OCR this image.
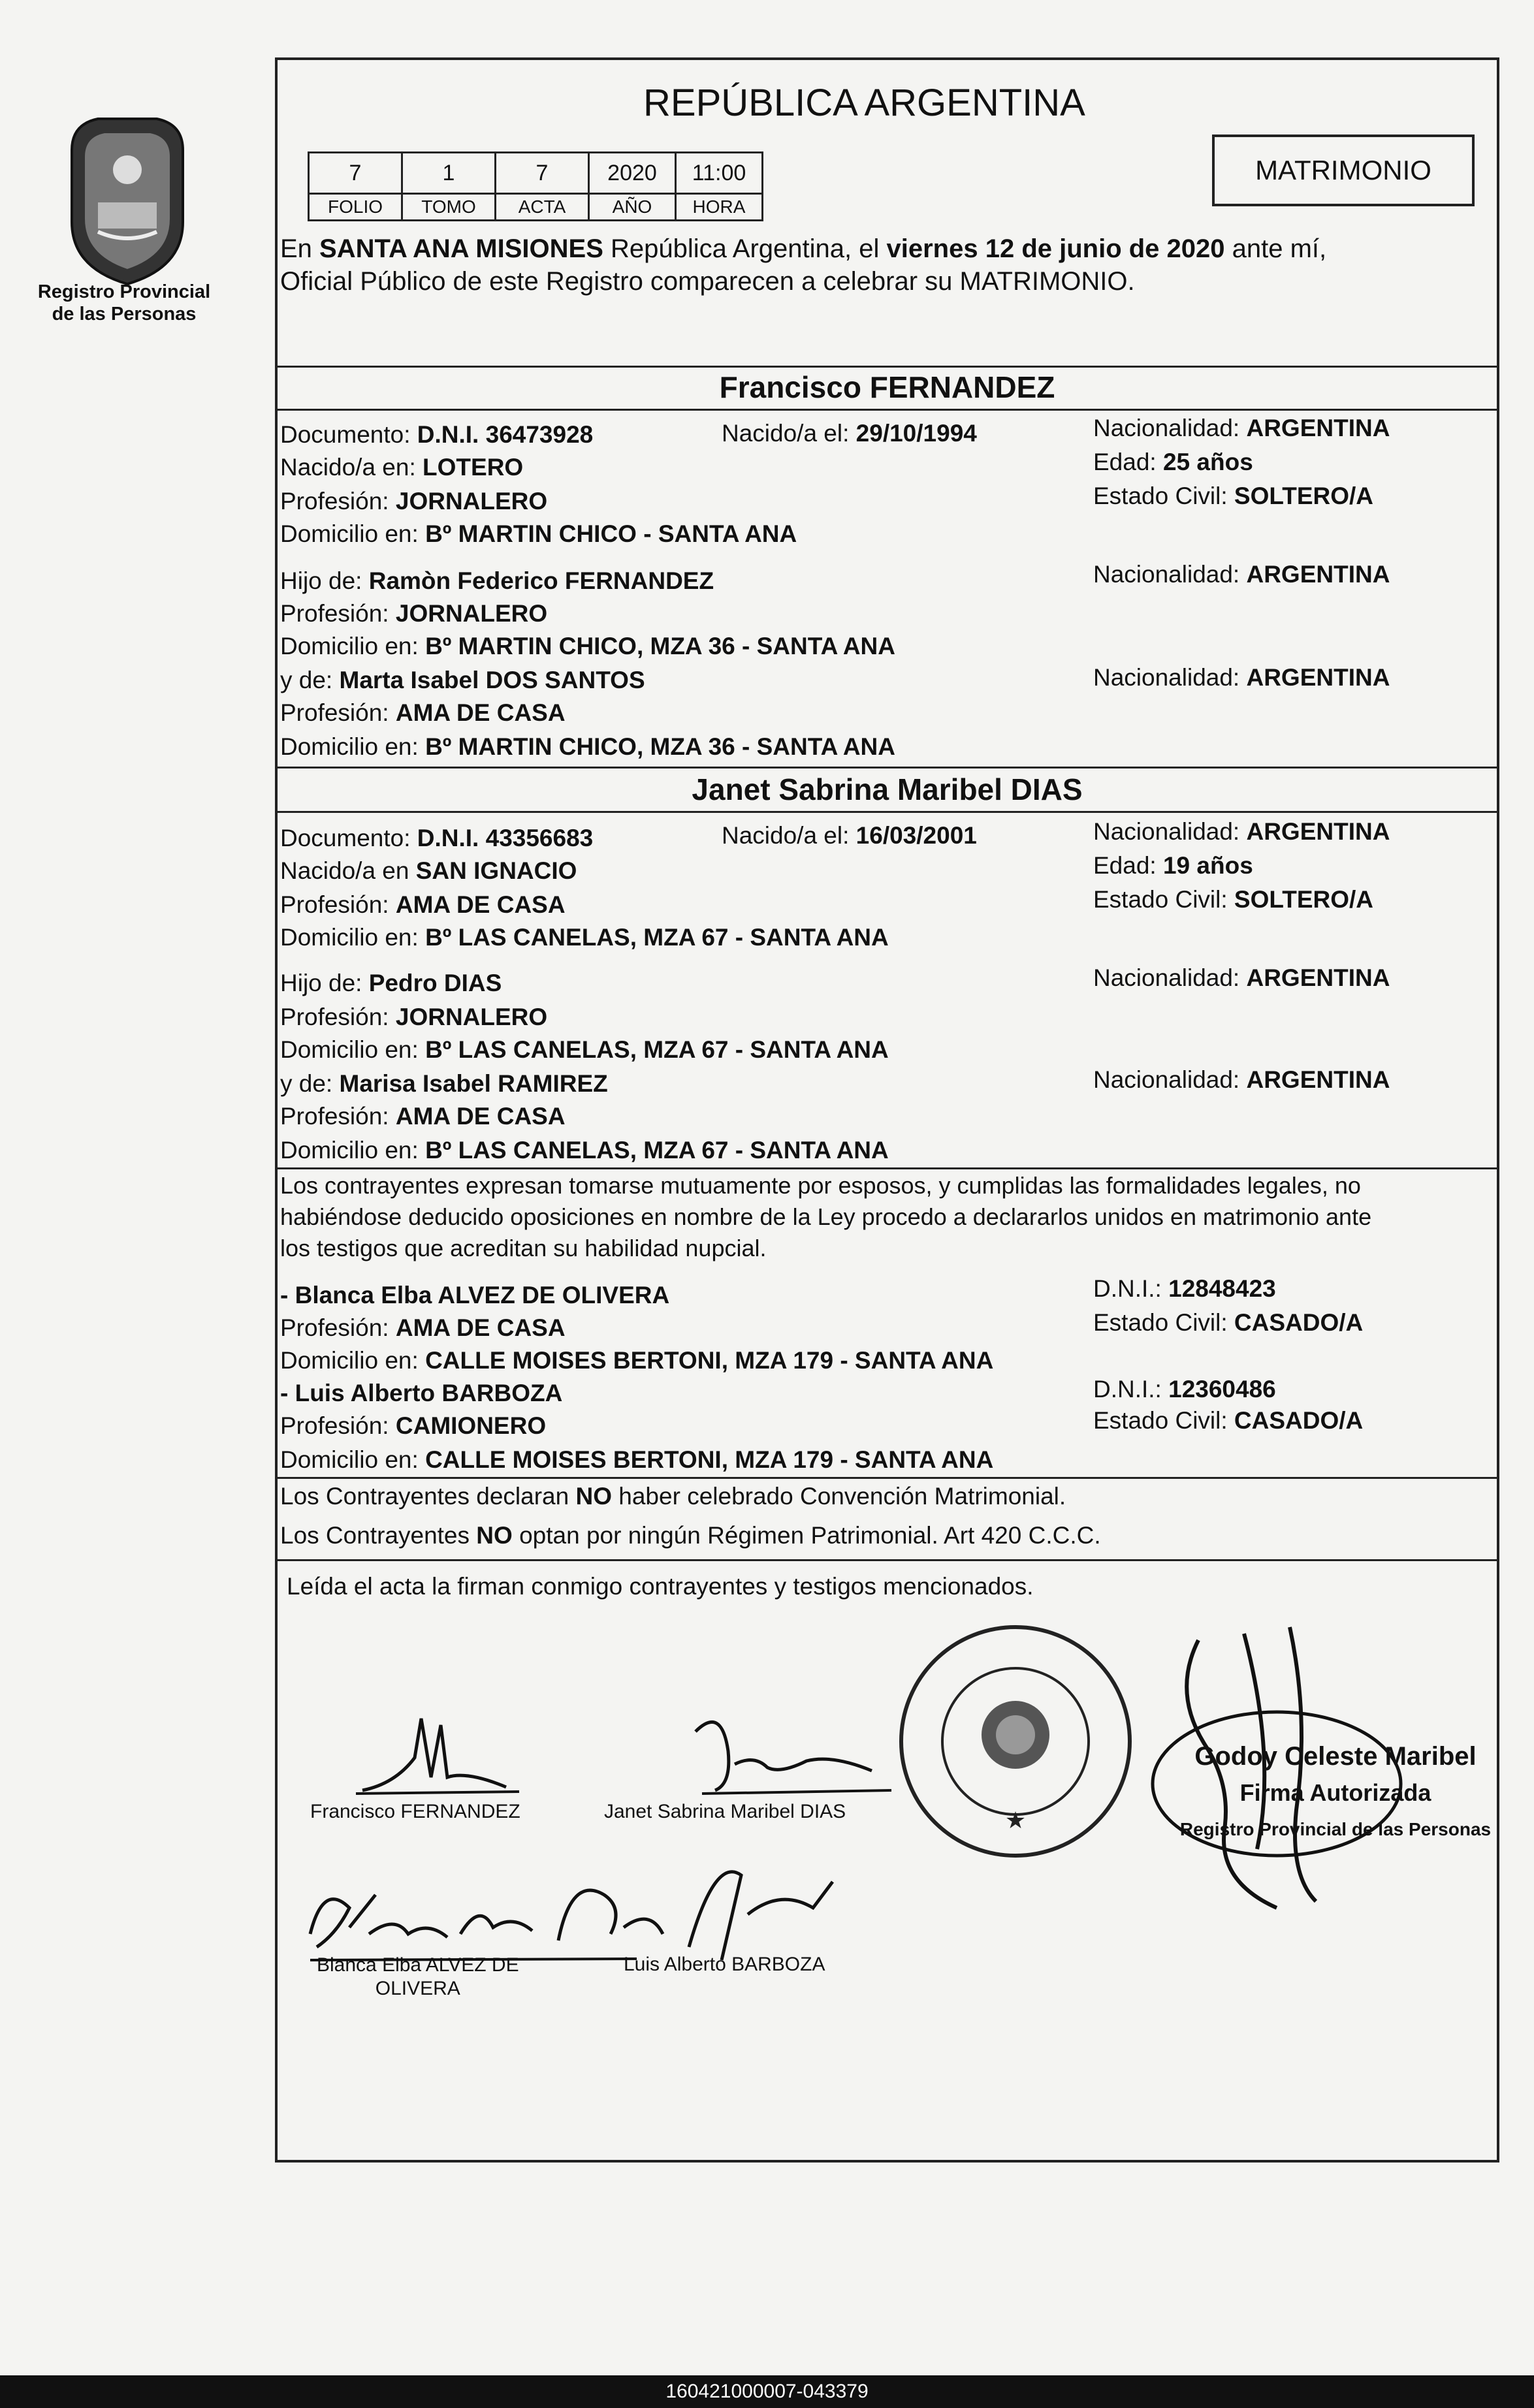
Registro Provincial
de las Personas
REPÚBLICA ARGENTINA
7	1	7	2020	11:00
FOLIO	TOMO	ACTA	AÑO	HORA
MATRIMONIO
En SANTA ANA MISIONES República Argentina, el viernes 12 de junio de 2020 ante mí,
Oficial Público de este Registro comparecen a celebrar su MATRIMONIO.
Francisco FERNANDEZ
Documento: D.N.I. 36473928	Nacido/a el: 29/10/1994	Nacionalidad: ARGENTINA
Nacido/a en: LOTERO	Edad: 25 años
Profesión: JORNALERO	Estado Civil: SOLTERO/A
Domicilio en: Bº MARTIN CHICO - SANTA ANA
Hijo de: Ramòn Federico FERNANDEZ	Nacionalidad: ARGENTINA
Profesión: JORNALERO
Domicilio en: Bº MARTIN CHICO, MZA 36 - SANTA ANA
y de: Marta Isabel DOS SANTOS	Nacionalidad: ARGENTINA
Profesión: AMA DE CASA
Domicilio en: Bº MARTIN CHICO, MZA 36 - SANTA ANA
Janet Sabrina Maribel DIAS
Documento: D.N.I. 43356683	Nacido/a el: 16/03/2001	Nacionalidad: ARGENTINA
Nacido/a en SAN IGNACIO	Edad: 19 años
Profesión: AMA DE CASA	Estado Civil: SOLTERO/A
Domicilio en: Bº LAS CANELAS, MZA 67 - SANTA ANA
Hijo de: Pedro DIAS	Nacionalidad: ARGENTINA
Profesión: JORNALERO
Domicilio en: Bº LAS CANELAS, MZA 67 - SANTA ANA
y de: Marisa Isabel RAMIREZ	Nacionalidad: ARGENTINA
Profesión: AMA DE CASA
Domicilio en: Bº LAS CANELAS, MZA 67 - SANTA ANA
Los contrayentes expresan tomarse mutuamente por esposos, y cumplidas las formalidades legales, no
habiéndose deducido oposiciones en nombre de la Ley procedo a declararlos unidos en matrimonio ante
los testigos que acreditan su habilidad nupcial.
- Blanca Elba ALVEZ DE OLIVERA	D.N.I.: 12848423
Profesión: AMA DE CASA	Estado Civil: CASADO/A
Domicilio en: CALLE MOISES BERTONI, MZA 179 - SANTA ANA
- Luis Alberto BARBOZA	D.N.I.: 12360486
Profesión: CAMIONERO	Estado Civil: CASADO/A
Domicilio en: CALLE MOISES BERTONI, MZA 179 - SANTA ANA
Los Contrayentes declaran NO haber celebrado Convención Matrimonial.
Los Contrayentes NO optan por ningún Régimen Patrimonial. Art 420 C.C.C.
Leída el acta la firman conmigo contrayentes y testigos mencionados.
Francisco FERNANDEZ	Janet Sabrina Maribel DIAS
Blanca Elba ALVEZ DE
OLIVERA
Luis Alberto BARBOZA
★
Godoy Celeste Maribel
Firma Autorizada
Registro Provincial de las Personas
160421000007-043379
